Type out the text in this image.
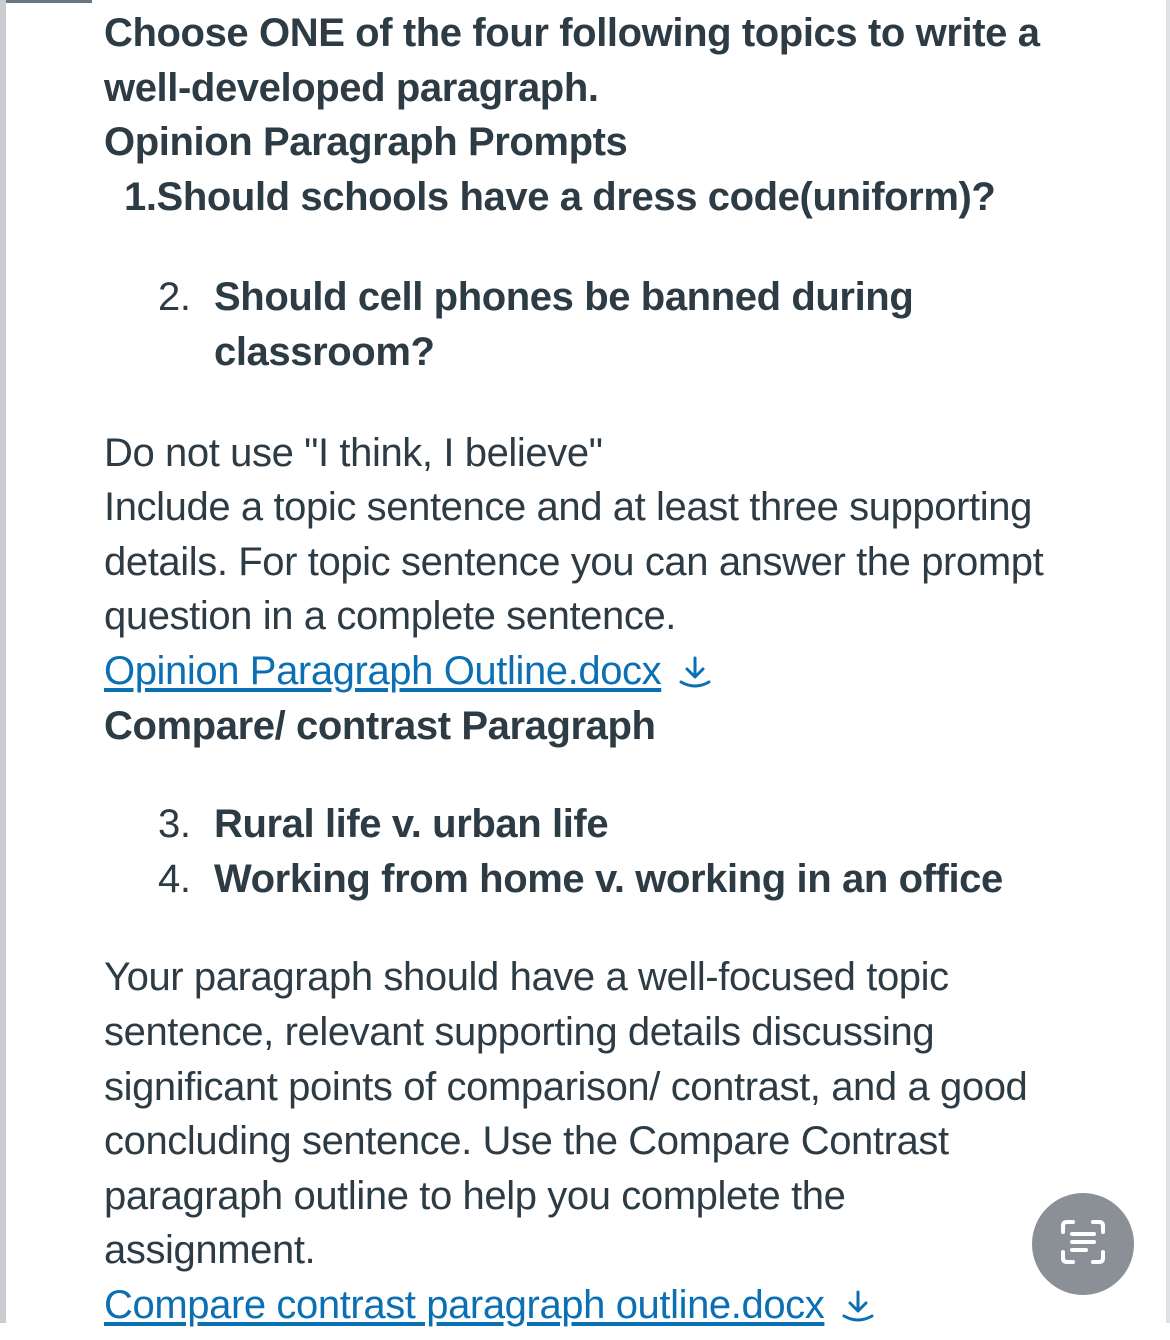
Choose ONE of the four following topics to write a

well-developed paragraph.

Opinion Paragraph Prompts

1.Should schools have a dress code(uniform)?

2. Should cell phones be banned during
classroom?

Do not use "I think, I believe"

Include a topic sentence and at least three supporting

details. For topic sentence you can answer the prompt

question in a complete sentence.

Opinion Paragraph Outline.docx

Compare/ contrast Paragraph

3. Rural life v. urban life
4. Working from home v. working in an office

Your paragraph should have a well-focused topic

sentence, relevant supporting details discussing

significant points of comparison/ contrast, and a good

concluding sentence. Use the Compare Contrast

paragraph outline to help you complete the

assignment.

Compare contrast paragraph outline.docx
